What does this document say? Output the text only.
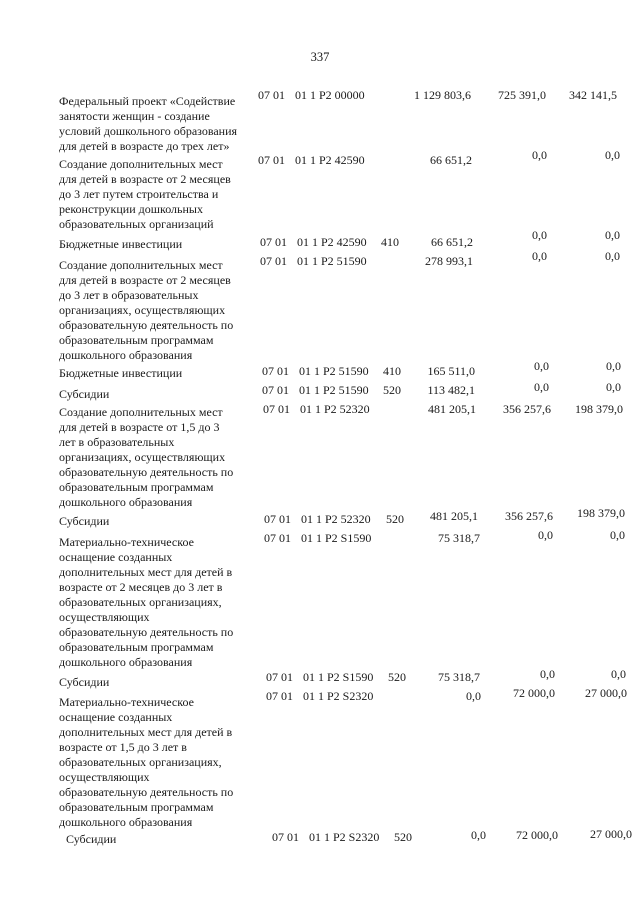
337
Федеральный проект «Содействие
занятости женщин - создание
условий дошкольного образования
для детей в возрасте до трех лет»
07 01 01 1 Р2 00000	1 129 803,6	725 391,0	342 141,5
Создание дополнительных мест
для детей в возрасте от 2 месяцев
до 3 лет путем строительства и
реконструкции дошкольных
образовательных организаций
07 01 01 1 Р2 42590	66 651,2	0,0	0,0
Бюджетные инвестиции	07 01 01 1 Р2 42590	410	66 651,2	0,0	0,0
Создание дополнительных мест
для детей в возрасте от 2 месяцев
до 3 лет в образовательных
организациях, осуществляющих
образовательную деятельность по
образовательным программам
дошкольного образования
07 01 01 1 Р2 51590	278 993,1	0,0	0,0
Бюджетные инвестиции	07 01 01 1 Р2 51590	410	165 511,0	0,0	0,0
Субсидии	07 01 01 1 Р2 51590	520	113 482,1	0,0	0,0
Создание дополнительных мест
для детей в возрасте от 1,5 до 3
лет в образовательных
организациях, осуществляющих
образовательную деятельность по
образовательным программам
дошкольного образования
07 01 01 1 Р2 52320	481 205,1	356 257,6	198 379,0
Субсидии	07 01 01 1 Р2 52320	520	481 205,1	356 257,6	198 379,0
Материально-техническое
оснащение созданных
дополнительных мест для детей в
возрасте от 2 месяцев до 3 лет в
образовательных организациях,
осуществляющих
образовательную деятельность по
образовательным программам
дошкольного образования
07 01 01 1 Р2 S1590	75 318,7	0,0	0,0
Субсидии	07 01 01 1 Р2 S1590	520	75 318,7	0,0	0,0
Материально-техническое
оснащение созданных
дополнительных мест для детей в
возрасте от 1,5 до 3 лет в
образовательных организациях,
осуществляющих
образовательную деятельность по
образовательным программам
дошкольного образования
07 01 01 1 Р2 S2320	0,0	72 000,0	27 000,0
Субсидии	07 01 01 1 Р2 S2320	520	0,0	72 000,0	27 000,0
